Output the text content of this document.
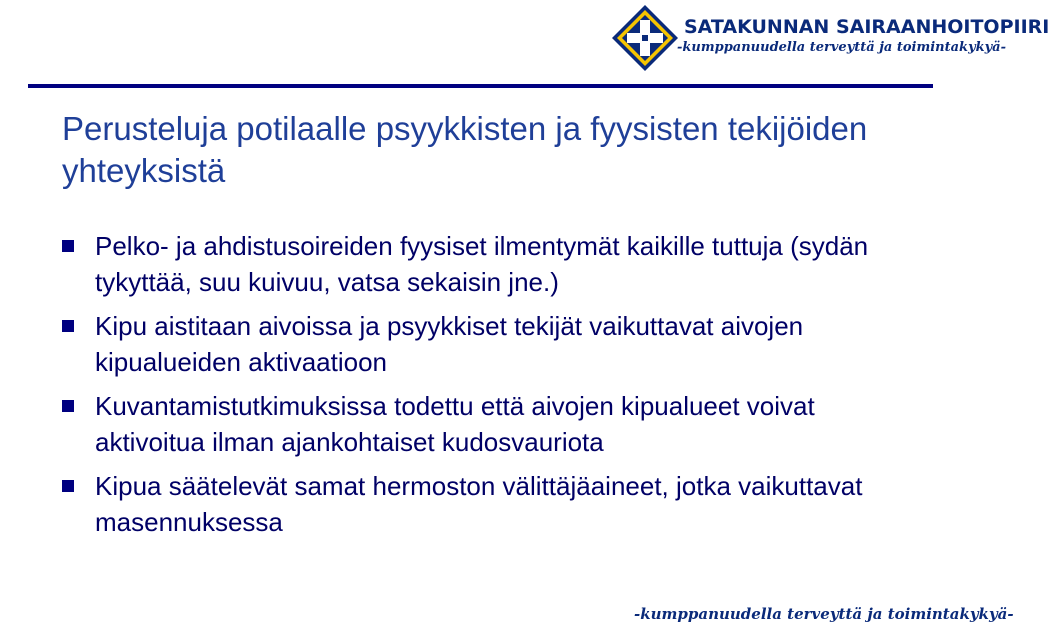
SATAKUNNAN SAIRAANHOITOPIIRI
-kumppanuudella terveyttä ja toimintakykyä-
Perusteluja potilaalle psyykkisten ja fyysisten tekijöiden yhteyksistä
Pelko- ja ahdistusoireiden fyysiset ilmentymät kaikille tuttuja (sydän tykyttää, suu kuivuu, vatsa sekaisin jne.)
Kipu aistitaan aivoissa ja psyykkiset tekijät vaikuttavat aivojen kipualueiden aktivaatioon
Kuvantamistutkimuksissa todettu että aivojen kipualueet voivat aktivoitua ilman ajankohtaiset kudosvauriota
Kipua säätelevät samat hermoston välittäjäaineet, jotka vaikuttavat masennuksessa
-kumppanuudella terveyttä ja toimintakykyä-
